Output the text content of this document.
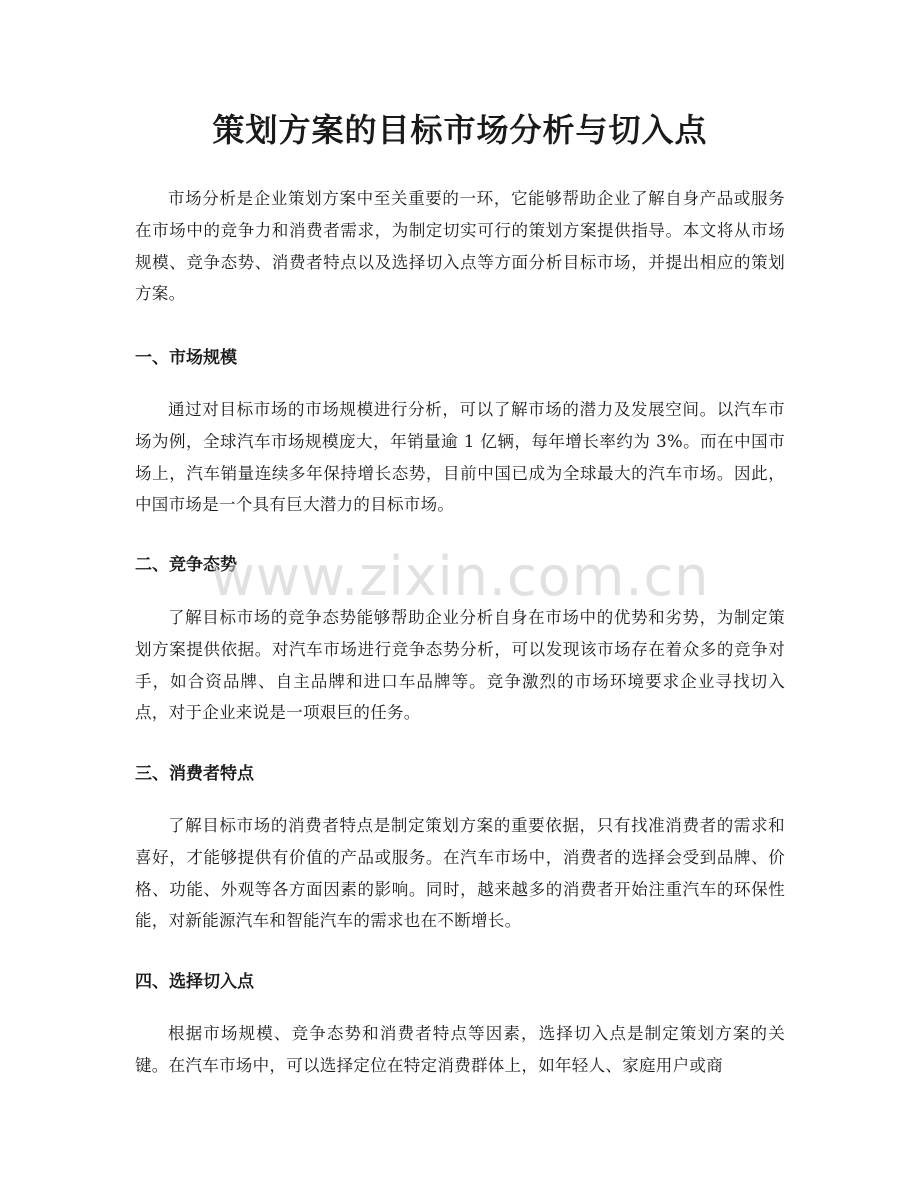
策划方案的目标市场分析与切入点

市场分析是企业策划方案中至关重要的一环，它能够帮助企业了解自身产品或服务在市场中的竞争力和消费者需求，为制定切实可行的策划方案提供指导。本文将从市场规模、竞争态势、消费者特点以及选择切入点等方面分析目标市场，并提出相应的策划方案。

一、市场规模

通过对目标市场的市场规模进行分析，可以了解市场的潜力及发展空间。以汽车市场为例，全球汽车市场规模庞大，年销量逾 1 亿辆，每年增长率约为 3%。而在中国市场上，汽车销量连续多年保持增长态势，目前中国已成为全球最大的汽车市场。因此，中国市场是一个具有巨大潜力的目标市场。

二、竞争态势

了解目标市场的竞争态势能够帮助企业分析自身在市场中的优势和劣势，为制定策划方案提供依据。对汽车市场进行竞争态势分析，可以发现该市场存在着众多的竞争对手，如合资品牌、自主品牌和进口车品牌等。竞争激烈的市场环境要求企业寻找切入点，对于企业来说是一项艰巨的任务。

三、消费者特点

了解目标市场的消费者特点是制定策划方案的重要依据，只有找准消费者的需求和喜好，才能够提供有价值的产品或服务。在汽车市场中，消费者的选择会受到品牌、价格、功能、外观等各方面因素的影响。同时，越来越多的消费者开始注重汽车的环保性能，对新能源汽车和智能汽车的需求也在不断增长。

四、选择切入点

根据市场规模、竞争态势和消费者特点等因素，选择切入点是制定策划方案的关键。在汽车市场中，可以选择定位在特定消费群体上，如年轻人、家庭用户或商

www.zixin.com.cn
